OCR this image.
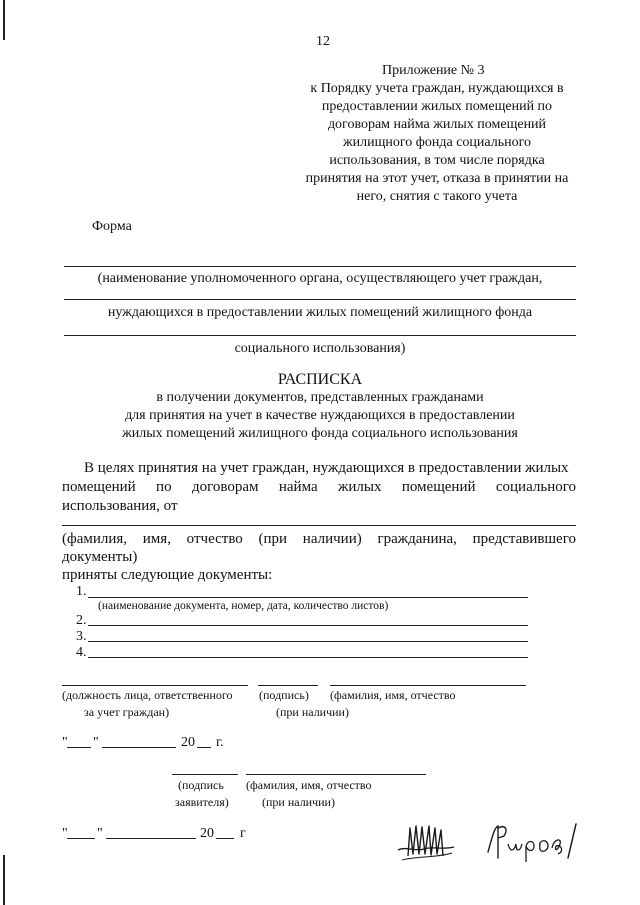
12
Приложение № 3
к Порядку учета граждан, нуждающихся в
предоставлении жилых помещений по
договорам найма жилых помещений
жилищного фонда социального
использования, в том числе порядка
принятия на этот учет, отказа в принятии на
него, снятия с такого учета
Форма
(наименование уполномоченного органа, осуществляющего учет граждан,
нуждающихся в предоставлении жилых помещений жилищного фонда
социального использования)
РАСПИСКА
в получении документов, представленных гражданами
для принятия на учет в качестве нуждающихся в предоставлении
жилых помещений жилищного фонда социального использования
В целях принятия на учет граждан, нуждающихся в предоставлении жилых
помещений по договорам найма жилых помещений социального
использования, от
(фамилия, имя, отчество (при наличии) гражданина, представившего
документы)
приняты следующие документы:
1.
(наименование документа, номер, дата, количество листов)
2.
3.
4.
(должность лица, ответственного
за учет граждан)
(подпись) (фамилия, имя, отчество
(при наличии)
" "	20 г.
(подпись
заявителя)
(фамилия, имя, отчество
(при наличии)
" "	20 г
